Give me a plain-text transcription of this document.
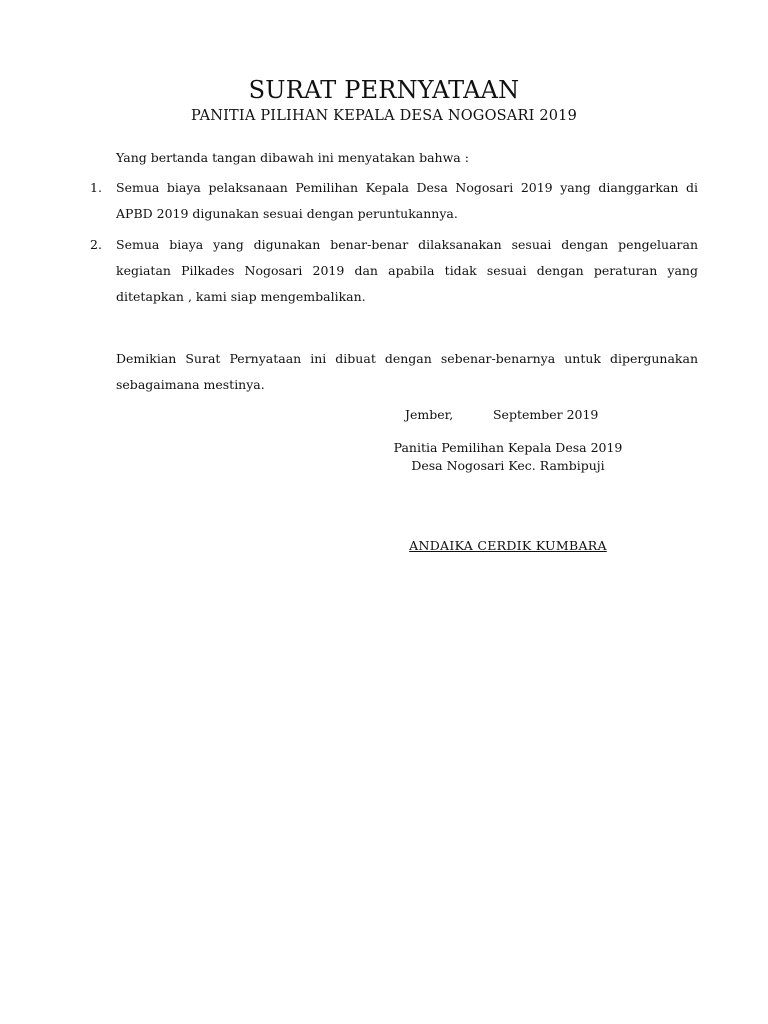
SURAT PERNYATAAN
PANITIA PILIHAN KEPALA DESA NOGOSARI 2019
Yang bertanda tangan dibawah ini menyatakan bahwa :
1. Semua biaya pelaksanaan Pemilihan Kepala Desa Nogosari 2019 yang dianggarkan di APBD 2019 digunakan sesuai dengan peruntukannya.
2. Semua biaya yang digunakan benar-benar dilaksanakan sesuai dengan pengeluaran kegiatan Pilkades Nogosari 2019 dan apabila tidak sesuai dengan peraturan yang ditetapkan , kami siap mengembalikan.
Demikian Surat Pernyataan ini dibuat dengan sebenar-benarnya untuk dipergunakan sebagaimana mestinya.
Jember,	September 2019
Panitia Pemilihan Kepala Desa 2019
Desa Nogosari Kec. Rambipuji
ANDAIKA CERDIK KUMBARA
